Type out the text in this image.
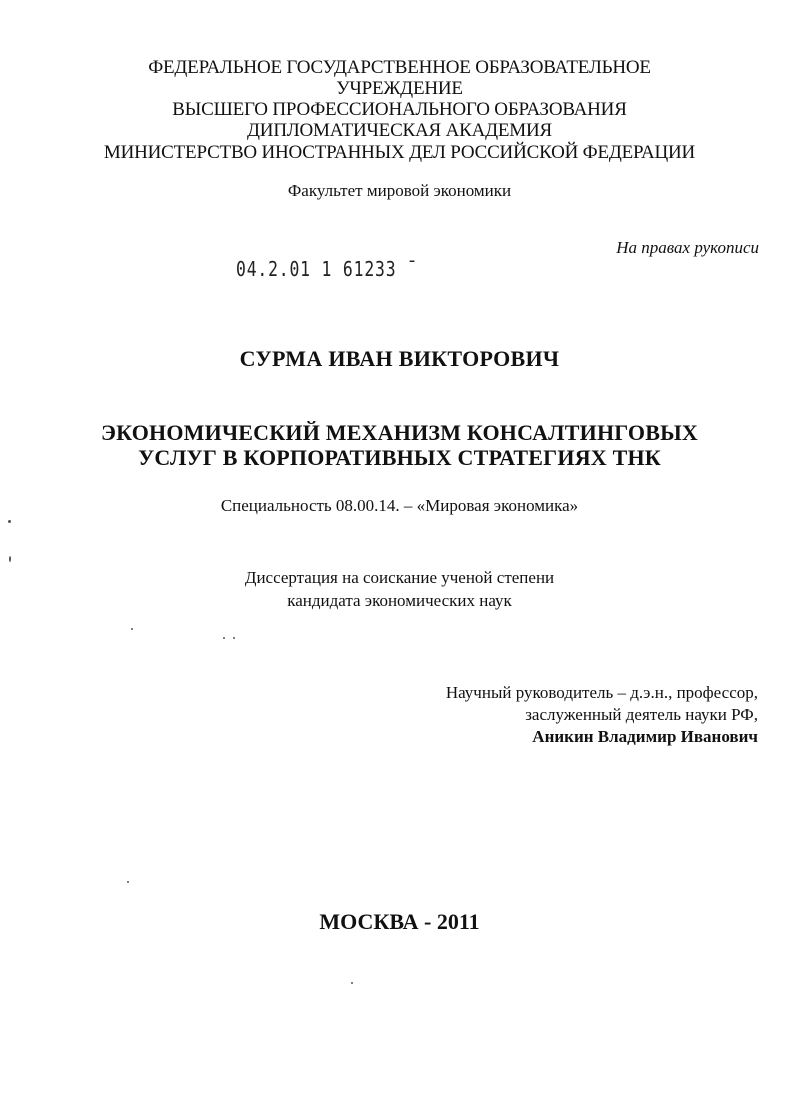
ФЕДЕРАЛЬНОЕ ГОСУДАРСТВЕННОЕ ОБРАЗОВАТЕЛЬНОЕ
УЧРЕЖДЕНИЕ
ВЫСШЕГО ПРОФЕССИОНАЛЬНОГО ОБРАЗОВАНИЯ
ДИПЛОМАТИЧЕСКАЯ АКАДЕМИЯ
МИНИСТЕРСТВО ИНОСТРАННЫХ ДЕЛ РОССИЙСКОЙ ФЕДЕРАЦИИ
Факультет мировой экономики
На правах рукописи
04.2.01 1 61233 ˉ
СУРМА ИВАН ВИКТОРОВИЧ
ЭКОНОМИЧЕСКИЙ МЕХАНИЗМ КОНСАЛТИНГОВЫХ
УСЛУГ В КОРПОРАТИВНЫХ СТРАТЕГИЯХ ТНК
Специальность 08.00.14. – «Мировая экономика»
Диссертация на соискание ученой степени
кандидата экономических наук
Научный руководитель – д.э.н., профессор,
заслуженный деятель науки РФ,
Аникин Владимир Иванович
МОСКВА - 2011
